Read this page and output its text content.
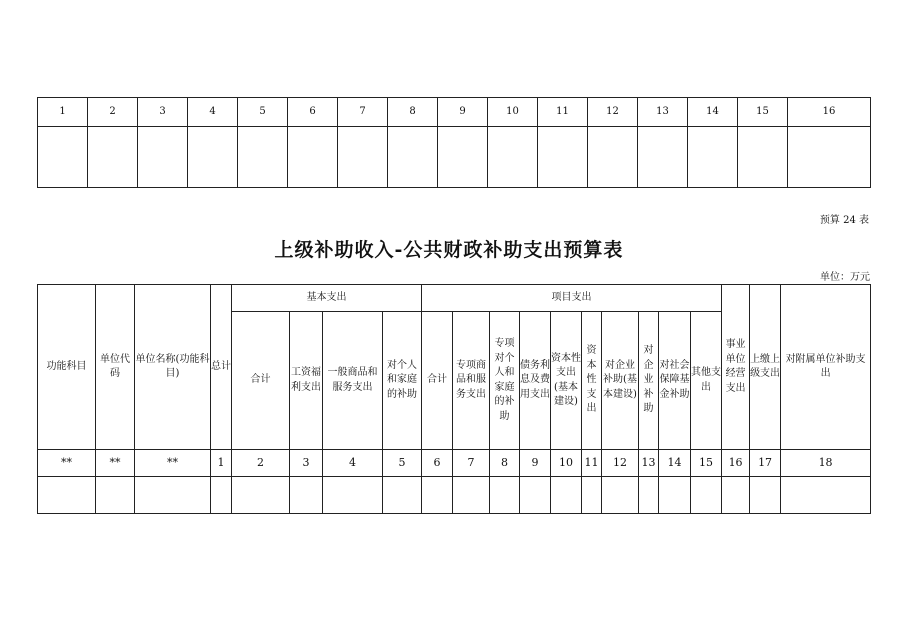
1	2	3	4	5	6	7	8	9	10	11	12	13	14	15	16

预算 24 表
上级补助收入-公共财政补助支出预算表
单位：万元
功能科目	单位代码	单位名称(功能科目)	总计	基本支出				项目支出										事业单位经营支出	上缴上级支出	对附属单位补助支出
				合计	工资福利支出	一般商品和服务支出	对个人和家庭的补助	合计	专项商品和服务支出	专项对个人和家庭的补助	债务利息及费用支出	资本性支出(基本建设)	资本性支出	对企业补助(基本建设)	对企业补助	对社会保障基金补助	其他支出			
**	**	**	1	2	3	4	5	6	7	8	9	10	11	12	13	14	15	16	17	18
